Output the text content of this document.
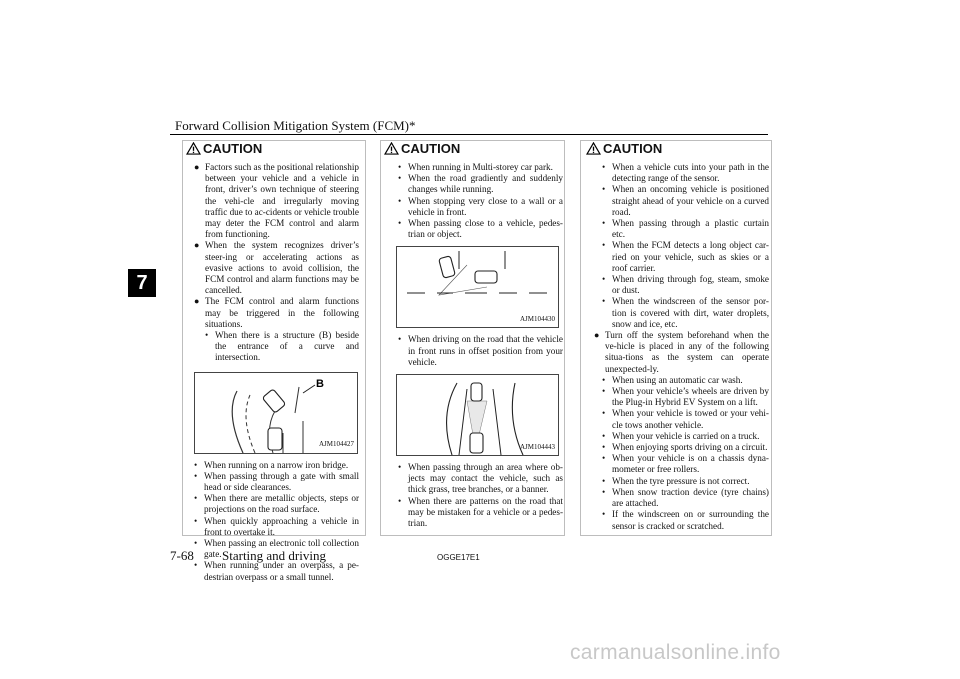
Forward Collision Mitigation System (FCM)*
7
CAUTION	CAUTION	CAUTION
● Factors such as the positional relationship between your vehicle and a vehicle in front, driver’s own technique of steering the vehi-cle and irregularly moving traffic due to ac-cidents or vehicle trouble may deter the FCM control and alarm from functioning.
● When the system recognizes driver’s steer-ing or accelerating actions as evasive actions to avoid collision, the FCM control and alarm functions may be cancelled.
● The FCM control and alarm functions may be triggered in the following situations.
• When there is a structure (B) beside the entrance of a curve and intersection.
B
AJM104427
• When running on a narrow iron bridge.
• When passing through a gate with small head or side clearances.
• When there are metallic objects, steps or projections on the road surface.
• When quickly approaching a vehicle in front to overtake it.
• When passing an electronic toll collection gate.
• When running under an overpass, a pe-destrian overpass or a small tunnel.
• When running in Multi-storey car park.
• When the road gradiently and suddenly changes while running.
• When stopping very close to a wall or a vehicle in front.
• When passing close to a vehicle, pedes-trian or object.
AJM104430
• When driving on the road that the vehicle in front runs in offset position from your vehicle.
AJM104443
• When passing through an area where ob-jects may contact the vehicle, such as thick grass, tree branches, or a banner.
• When there are patterns on the road that may be mistaken for a vehicle or a pedes-trian.
• When a vehicle cuts into your path in the detecting range of the sensor.
• When an oncoming vehicle is positioned straight ahead of your vehicle on a curved road.
• When passing through a plastic curtain etc.
• When the FCM detects a long object car-ried on your vehicle, such as skies or a roof carrier.
• When driving through fog, steam, smoke or dust.
• When the windscreen of the sensor por-tion is covered with dirt, water droplets, snow and ice, etc.
● Turn off the system beforehand when the ve-hicle is placed in any of the following situa-tions as the system can operate unexpected-ly.
• When using an automatic car wash.
• When your vehicle’s wheels are driven by the Plug-in Hybrid EV System on a lift.
• When your vehicle is towed or your vehi-cle tows another vehicle.
• When your vehicle is carried on a truck.
• When enjoying sports driving on a circuit.
• When your vehicle is on a chassis dyna-mometer or free rollers.
• When the tyre pressure is not correct.
• When snow traction device (tyre chains) are attached.
• If the windscreen on or surrounding the sensor is cracked or scratched.
7-68 Starting and driving	OGGE17E1
carmanualsonline.info
